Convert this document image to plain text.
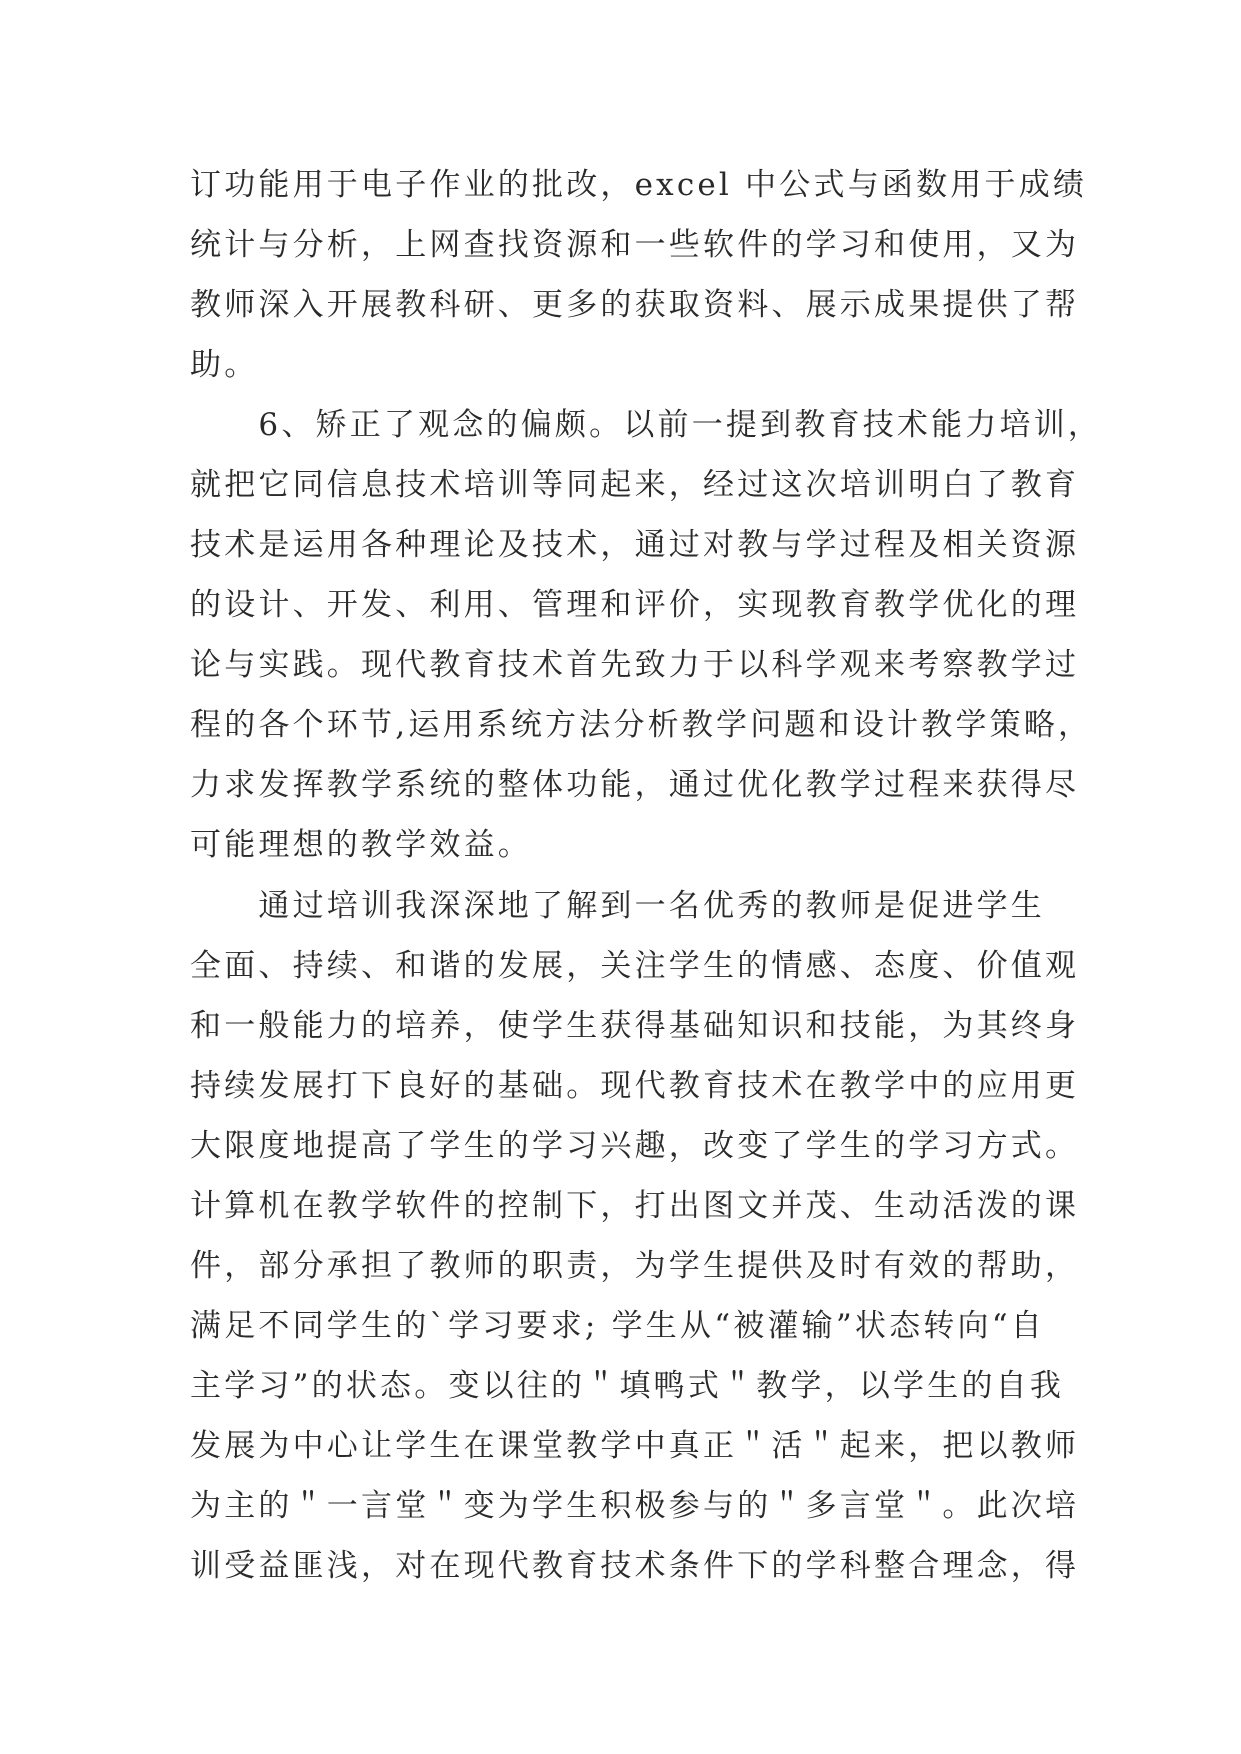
订功能用于电子作业的批改，excel 中公式与函数用于成绩
统计与分析，上网查找资源和一些软件的学习和使用，又为
教师深入开展教科研、更多的获取资料、展示成果提供了帮
助。
　　6、矫正了观念的偏颇。以前一提到教育技术能力培训，
就把它同信息技术培训等同起来，经过这次培训明白了教育
技术是运用各种理论及技术，通过对教与学过程及相关资源
的设计、开发、利用、管理和评价，实现教育教学优化的理
论与实践。现代教育技术首先致力于以科学观来考察教学过
程的各个环节,运用系统方法分析教学问题和设计教学策略，
力求发挥教学系统的整体功能，通过优化教学过程来获得尽
可能理想的教学效益。
　　通过培训我深深地了解到一名优秀的教师是促进学生
全面、持续、和谐的发展，关注学生的情感、态度、价值观
和一般能力的培养，使学生获得基础知识和技能，为其终身
持续发展打下良好的基础。现代教育技术在教学中的应用更
大限度地提高了学生的学习兴趣，改变了学生的学习方式。
计算机在教学软件的控制下，打出图文并茂、生动活泼的课
件，部分承担了教师的职责，为学生提供及时有效的帮助，
满足不同学生的`学习要求; 学生从“被灌输”状态转向“自
主学习”的状态。变以往的＂填鸭式＂教学，以学生的自我
发展为中心让学生在课堂教学中真正＂活＂起来，把以教师
为主的＂一言堂＂变为学生积极参与的＂多言堂＂。此次培
训受益匪浅，对在现代教育技术条件下的学科整合理念，得
